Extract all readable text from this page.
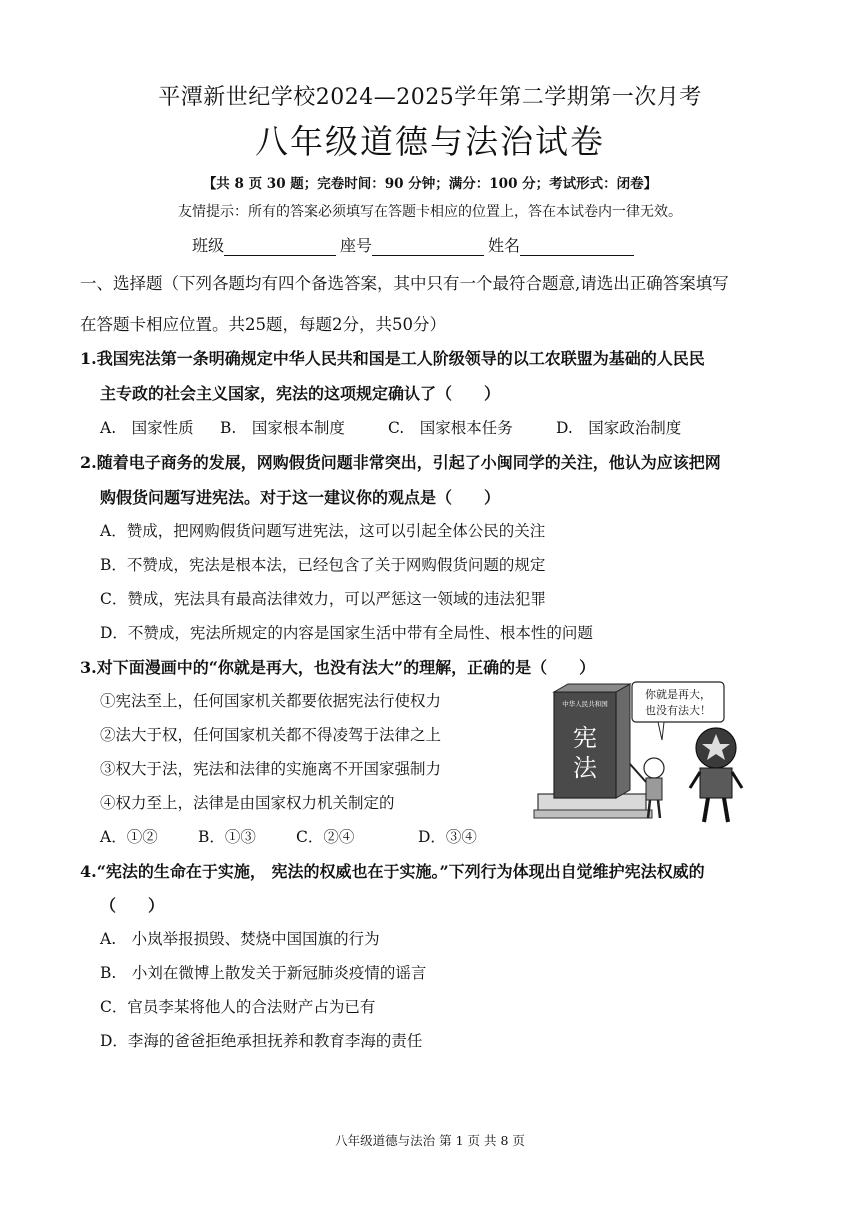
平潭新世纪学校2024—2025学年第二学期第一次月考
八年级道德与法治试卷
【共 8 页 30 题；完卷时间：90 分钟；满分：100 分；考试形式：闭卷】
友情提示：所有的答案必须填写在答题卡相应的位置上，答在本试卷内一律无效。
班级	座号	姓名
一、选择题（下列各题均有四个备选答案，其中只有一个最符合题意,请选出正确答案填写
在答题卡相应位置。共25题，每题2分，共50分）
1.我国宪法第一条明确规定中华人民共和国是工人阶级领导的以工农联盟为基础的人民民
主专政的社会主义国家，宪法的这项规定确认了（　　）
A.　国家性质 B.　国家根本制度	C.　国家根本任务	D.　国家政治制度
2.随着电子商务的发展，网购假货问题非常突出，引起了小闽同学的关注，他认为应该把网
购假货问题写进宪法。对于这一建议你的观点是（　　）
A．赞成，把网购假货问题写进宪法，这可以引起全体公民的关注
B．不赞成，宪法是根本法，已经包含了关于网购假货问题的规定
C．赞成，宪法具有最高法律效力，可以严惩这一领域的违法犯罪
D．不赞成，宪法所规定的内容是国家生活中带有全局性、根本性的问题
3.对下面漫画中的“你就是再大，也没有法大”的理解，正确的是（　　）
①宪法至上，任何国家机关都要依据宪法行使权力
②法大于权，任何国家机关都不得凌驾于法律之上
③权大于法，宪法和法律的实施离不开国家强制力
④权力至上，法律是由国家权力机关制定的
A．①②	B．①③	C．②④	D．③④
中华人民共和国
宪
法
你就是再大，
也没有法大！
4.“宪法的生命在于实施， 宪法的权威也在于实施。”下列行为体现出自觉维护宪法权威的
（　　）
A.　小岚举报损毁、焚烧中国国旗的行为
B.　小刘在微博上散发关于新冠肺炎疫情的谣言
C．官员李某将他人的合法财产占为已有
D．李海的爸爸拒绝承担抚养和教育李海的责任
八年级道德与法治 第 1 页 共 8 页
